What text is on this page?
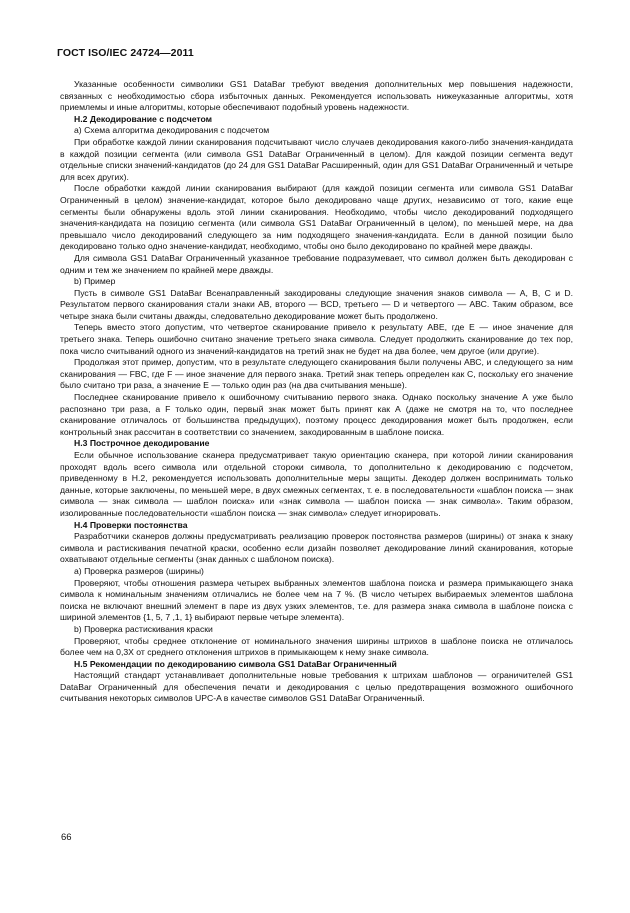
ГОСТ ISO/IEC 24724—2011

Указанные особенности символики GS1 DataBar требуют введения дополнительных мер повышения надежности, связанных с необходимостью сбора избыточных данных. Рекомендуется использовать нижеуказанные алгоритмы, хотя приемлемы и иные алгоритмы, которые обеспечивают подобный уровень надежности.

Н.2 Декодирование с подсчетом

а) Схема алгоритма декодирования с подсчетом

При обработке каждой линии сканирования подсчитывают число случаев декодирования какого-либо значения-кандидата в каждой позиции сегмента (или символа GS1 DataBar Ограниченный в целом). Для каждой позиции сегмента ведут отдельные списки значений-кандидатов (до 24 для GS1 DataBar Расширенный, один для GS1 DataBar Ограниченный и четыре для всех других).

После обработки каждой линии сканирования выбирают (для каждой позиции сегмента или символа GS1 DataBar Ограниченный в целом) значение-кандидат, которое было декодировано чаще других, независимо от того, какие еще сегменты были обнаружены вдоль этой линии сканирования. Необходимо, чтобы число декодирований подходящего значения-кандидата на позицию сегмента (или символа GS1 DataBar Ограниченный в целом), по меньшей мере, на два превышало число декодирований следующего за ним подходящего значения-кандидата. Если в данной позиции было декодировано только одно значение-кандидат, необходимо, чтобы оно было декодировано по крайней мере дважды.

Для символа GS1 DataBar Ограниченный указанное требование подразумевает, что символ должен быть декодирован с одним и тем же значением по крайней мере дважды.

b) Пример

Пусть в символе GS1 DataBar Всенаправленный закодированы следующие значения знаков символа — А, В, С и D. Результатом первого сканирования стали знаки АВ, второго — ВСD, третьего — D и четвертого — АВС. Таким образом, все четыре знака были считаны дважды, следовательно декодирование может быть продолжено.

Теперь вместо этого допустим, что четвертое сканирование привело к результату АВЕ, где Е — иное значение для третьего знака. Теперь ошибочно считано значение третьего знака символа. Следует продолжить сканирование до тех пор, пока число считываний одного из значений-кандидатов на третий знак не будет на два более, чем другое (или другие).

Продолжая этот пример, допустим, что в результате следующего сканирования были получены АВС, и следующего за ним сканирования — FBC, где F — иное значение для первого знака. Третий знак теперь определен как С, поскольку его значение было считано три раза, а значение Е — только один раз (на два считывания меньше).

Последнее сканирование привело к ошибочному считыванию первого знака. Однако поскольку значение А уже было распознано три раза, а F только один, первый знак может быть принят как А (даже не смотря на то, что последнее сканирование отличалось от большинства предыдущих), поэтому процесс декодирования может быть продолжен, если контрольный знак рассчитан в соответствии со значением, закодированным в шаблоне поиска.

Н.3 Построчное декодирование

Если обычное использование сканера предусматривает такую ориентацию сканера, при которой линии сканирования проходят вдоль всего символа или отдельной стороки символа, то дополнительно к декодированию с подсчетом, приведенному в Н.2, рекомендуется использовать дополнительные меры защиты. Декодер должен воспринимать только данные, которые заключены, по меньшей мере, в двух смежных сегментах, т. е. в последовательности «шаблон поиска — знак символа — знак символа — шаблон поиска» или «знак символа — шаблон поиска — знак символа». Таким образом, изолированные последовательности «шаблон поиска — знак символа» следует игнорировать.

Н.4 Проверки постоянства

Разработчики сканеров должны предусматривать реализацию проверок постоянства размеров (ширины) от знака к знаку символа и растискивания печатной краски, особенно если дизайн позволяет декодирование линий сканирования, которые охватывают отдельные сегменты (знак данных с шаблоном поиска).

а) Проверка размеров (ширины)

Проверяют, чтобы отношения размера четырех выбранных элементов шаблона поиска и размера примыкающего знака символа к номинальным значениям отличались не более чем на 7 %. (В число четырех выбираемых элементов шаблона поиска не включают внешний элемент в паре из двух узких элементов, т.е. для размера знака символа в шаблоне поиска с шириной элементов {1, 5, 7 ,1, 1} выбирают первые четыре элемента).

b) Проверка растискивания краски

Проверяют, чтобы среднее отклонение от номинального значения ширины штрихов в шаблоне поиска не отличалось более чем на 0,3X от среднего отклонения штрихов в примыкающем к нему знаке символа.

Н.5 Рекомендации по декодированию символа GS1 DataBar Ограниченный

Настоящий стандарт устанавливает дополнительные новые требования к штрихам шаблонов — ограничителей GS1 DataBar Ограниченный для обеспечения печати и декодирования с целью предотвращения возможного ошибочного считывания некоторых символов UPC-A в качестве символов GS1 DataBar Ограниченный.

66
